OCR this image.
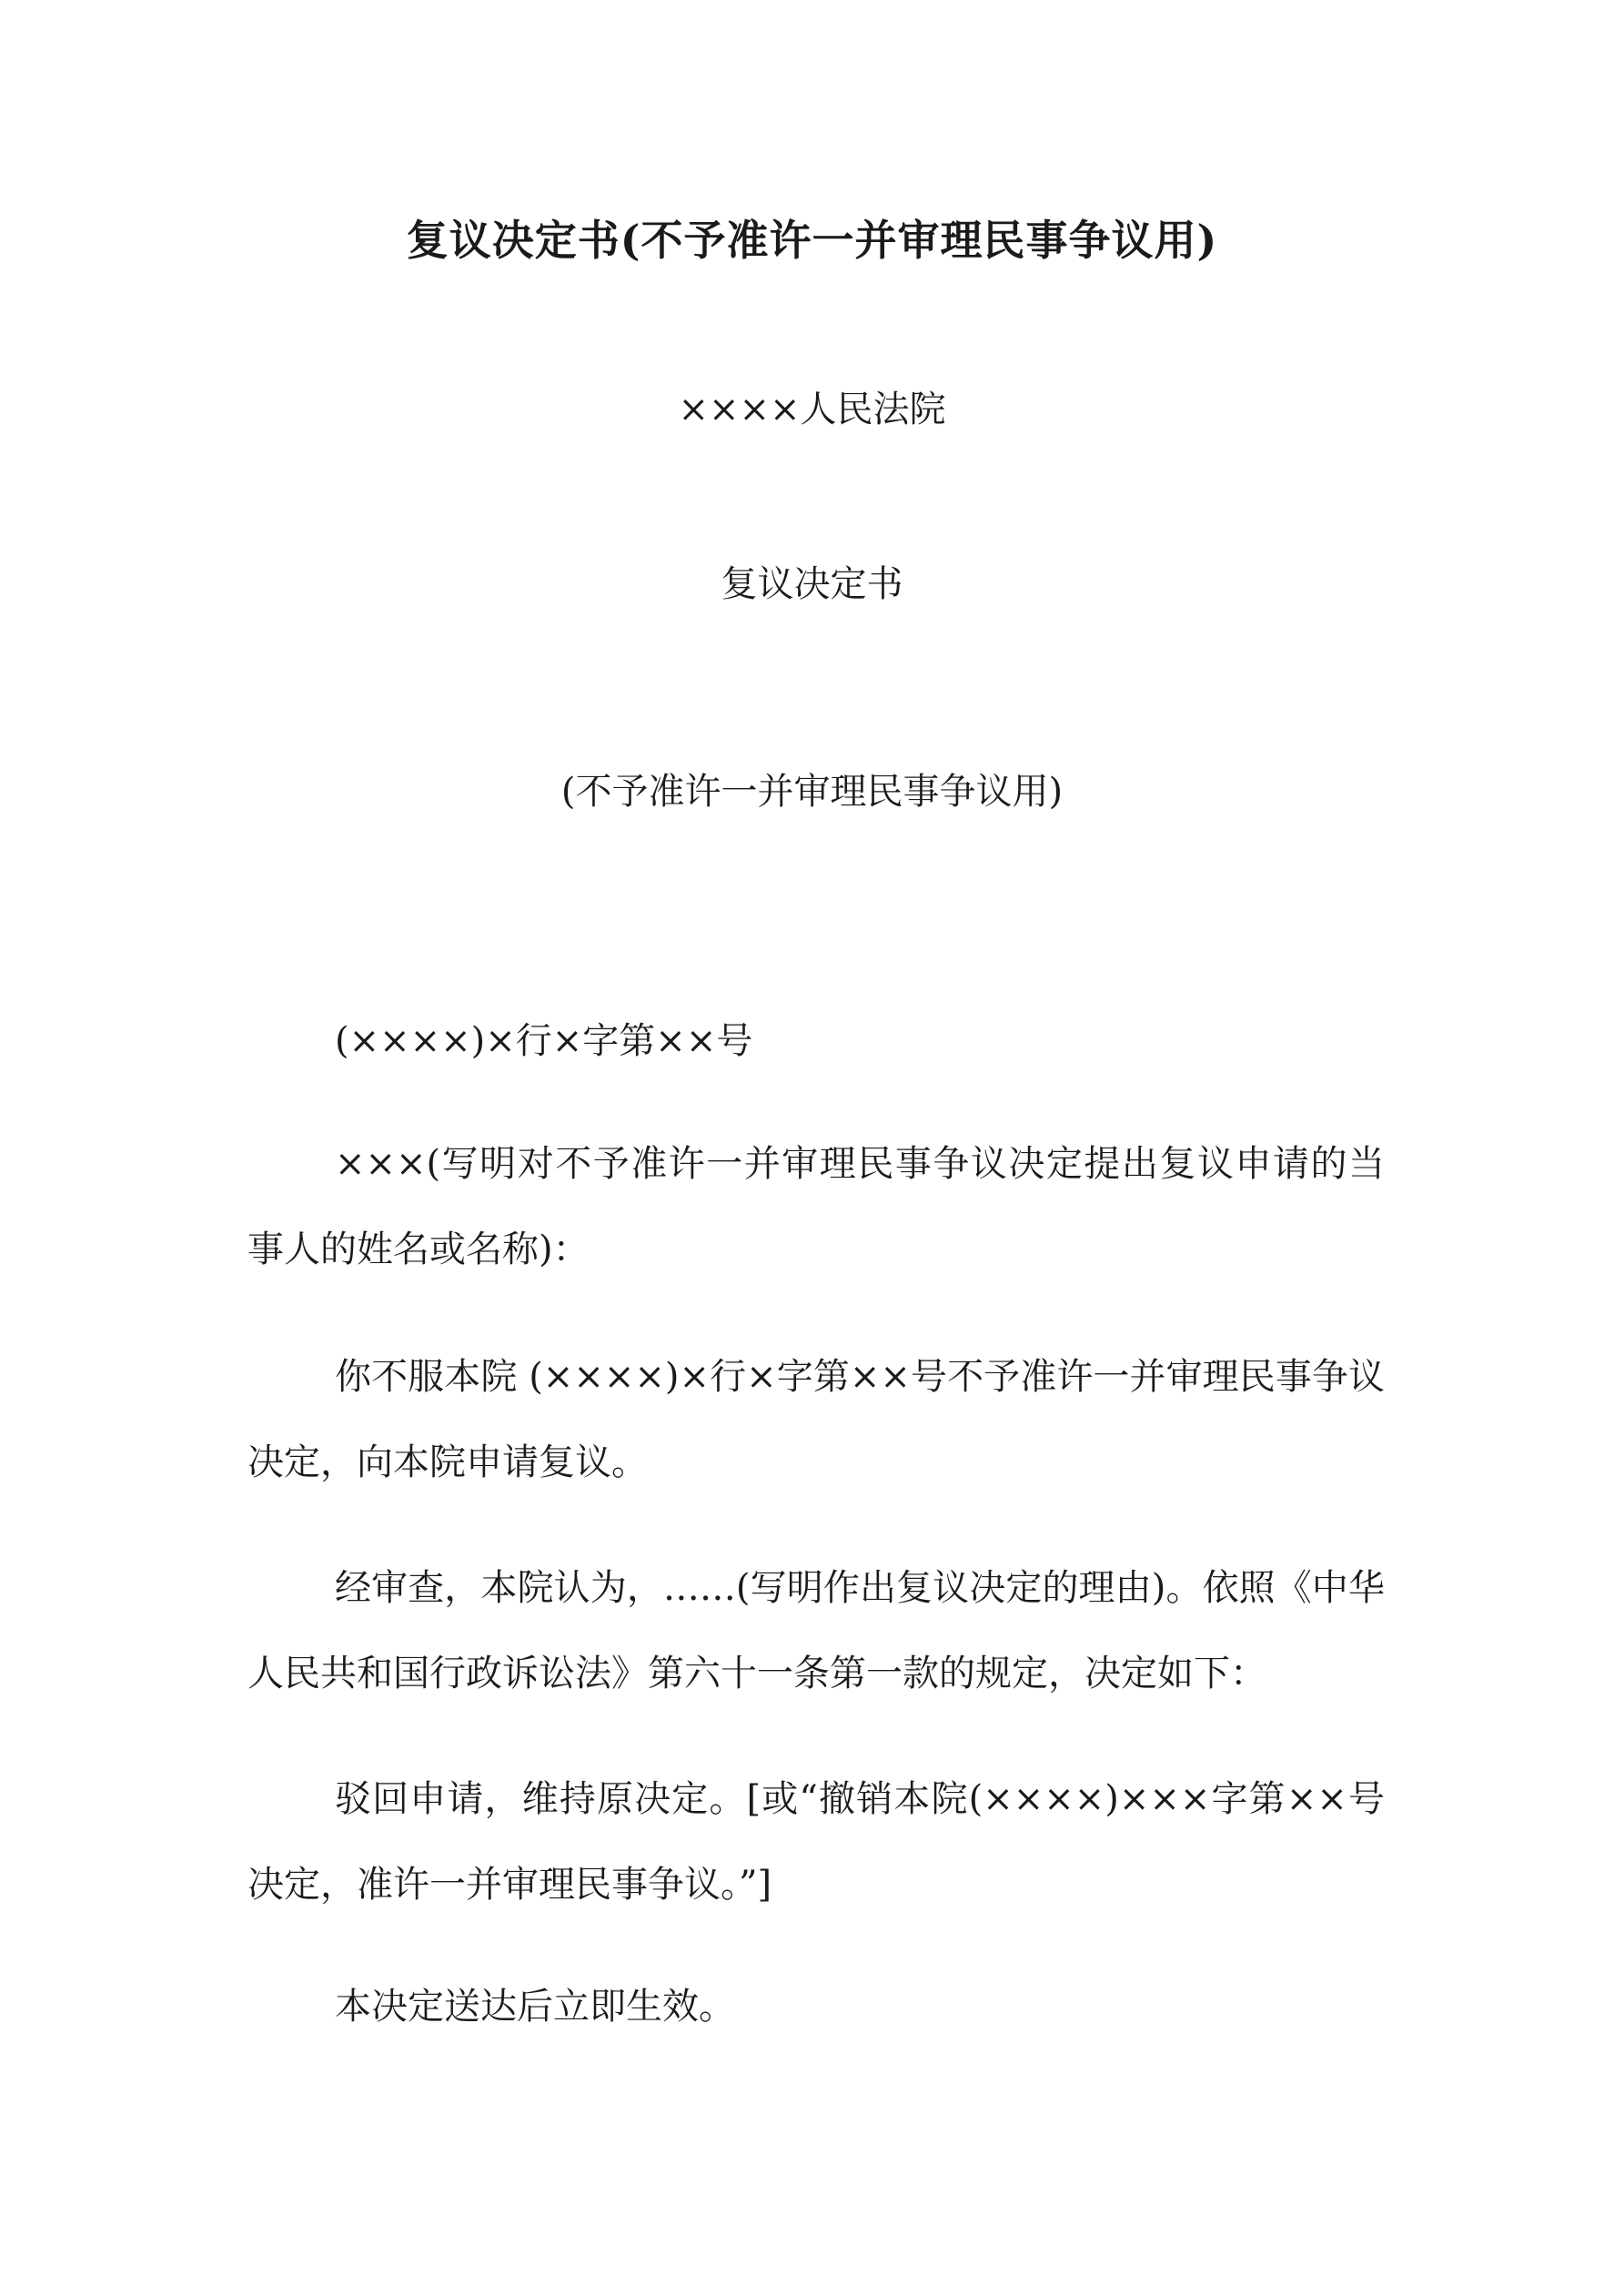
复议决定书(不予准许一并审理民事争议用)
××××人民法院
复议决定书
(不予准许一并审理民事争议用)
(××××)×行×字第××号
×××(写明对不予准许一并审理民事争议决定提出复议申请的当事人的姓名或名称)：
你不服本院 (××××)×行×字第××号不予准许一并审理民事争议决定，向本院申请复议。
经审查，本院认为，……(写明作出复议决定的理由)。依照《中华人民共和国行政诉讼法》第六十一条第一款的规定，决定如下：
驳回申请，维持原决定。[或“撤销本院(××××)×××字第××号决定，准许一并审理民事争议。”]
本决定送达后立即生效。
